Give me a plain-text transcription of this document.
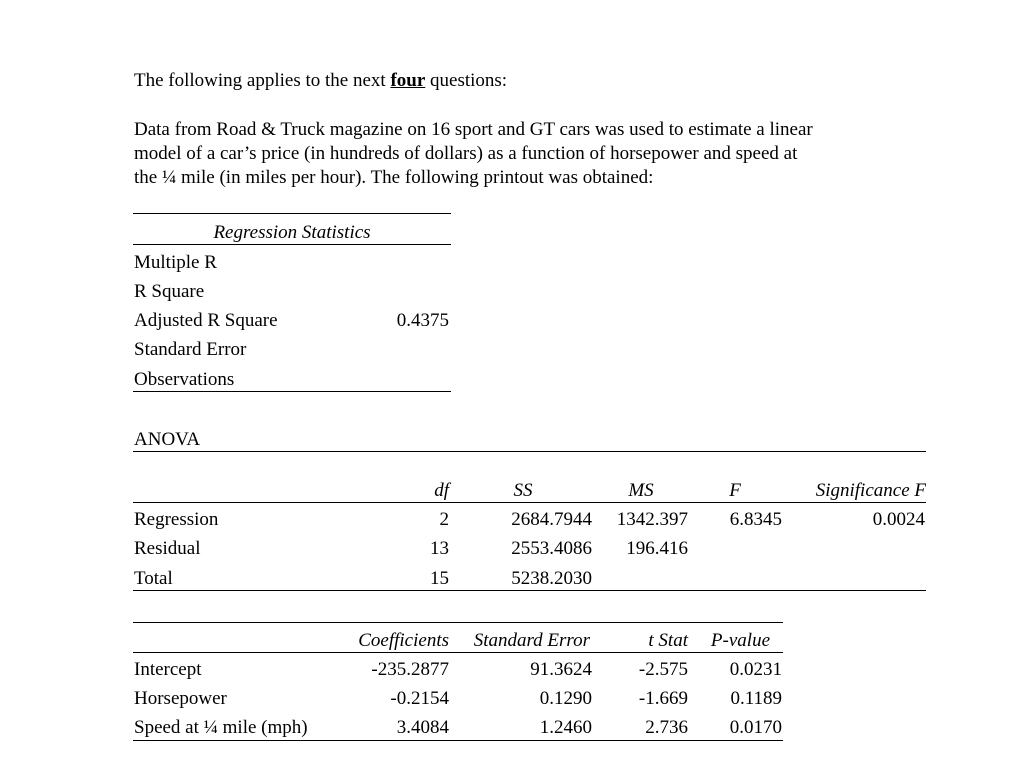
The following applies to the next four questions:
Data from Road & Truck magazine on 16 sport and GT cars was used to estimate a linear
model of a car’s price (in hundreds of dollars) as a function of horsepower and speed at
the ¼ mile (in miles per hour). The following printout was obtained:
Regression Statistics
Multiple R
R Square
Adjusted R Square	0.4375
Standard Error
Observations
ANOVA
df	SS	MS	F	Significance F
Regression	2	2684.7944	1342.397	6.8345	0.0024
Residual	13	2553.4086	196.416
Total	15	5238.2030
Coefficients	Standard Error	t Stat	P-value
Intercept	-235.2877	91.3624	-2.575	0.0231
Horsepower	-0.2154	0.1290	-1.669	0.1189
Speed at ¼ mile (mph)	3.4084	1.2460	2.736	0.0170
